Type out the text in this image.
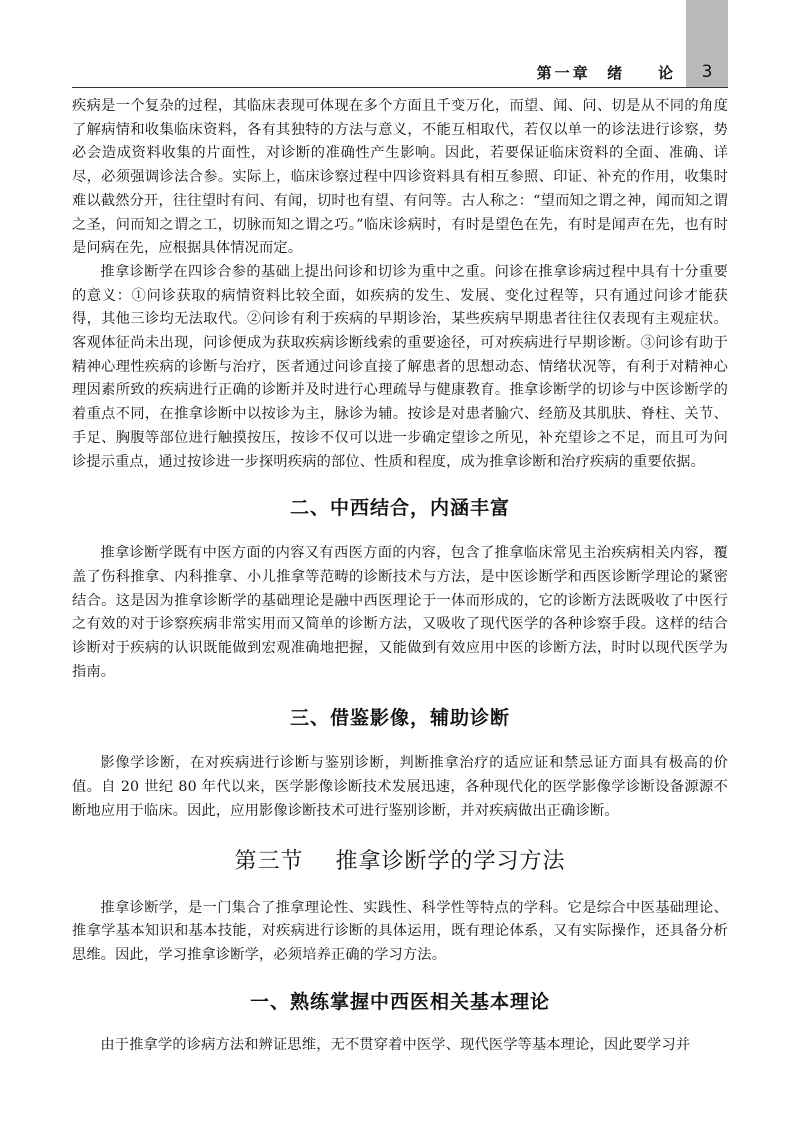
第一章  绪    论	3

疾病是一个复杂的过程，其临床表现可体现在多个方面且千变万化，而望、闻、问、切是从不同的角度了解病情和收集临床资料，各有其独特的方法与意义，不能互相取代，若仅以单一的诊法进行诊察，势必会造成资料收集的片面性，对诊断的准确性产生影响。因此，若要保证临床资料的全面、准确、详尽，必须强调诊法合参。实际上，临床诊察过程中四诊资料具有相互参照、印证、补充的作用，收集时难以截然分开，往往望时有问、有闻，切时也有望、有问等。古人称之：“望而知之谓之神，闻而知之谓之圣，问而知之谓之工，切脉而知之谓之巧。”临床诊病时，有时是望色在先，有时是闻声在先，也有时是问病在先，应根据具体情况而定。

推拿诊断学在四诊合参的基础上提出问诊和切诊为重中之重。问诊在推拿诊病过程中具有十分重要的意义：①问诊获取的病情资料比较全面，如疾病的发生、发展、变化过程等，只有通过问诊才能获得，其他三诊均无法取代。②问诊有利于疾病的早期诊治，某些疾病早期患者往往仅表现有主观症状。客观体征尚未出现，问诊便成为获取疾病诊断线索的重要途径，可对疾病进行早期诊断。③问诊有助于精神心理性疾病的诊断与治疗，医者通过问诊直接了解患者的思想动态、情绪状况等，有利于对精神心理因素所致的疾病进行正确的诊断并及时进行心理疏导与健康教育。推拿诊断学的切诊与中医诊断学的着重点不同，在推拿诊断中以按诊为主，脉诊为辅。按诊是对患者腧穴、经筋及其肌肤、脊柱、关节、手足、胸腹等部位进行触摸按压，按诊不仅可以进一步确定望诊之所见，补充望诊之不足，而且可为问诊提示重点，通过按诊进一步探明疾病的部位、性质和程度，成为推拿诊断和治疗疾病的重要依据。

二、中西结合，内涵丰富

推拿诊断学既有中医方面的内容又有西医方面的内容，包含了推拿临床常见主治疾病相关内容，覆盖了伤科推拿、内科推拿、小儿推拿等范畴的诊断技术与方法，是中医诊断学和西医诊断学理论的紧密结合。这是因为推拿诊断学的基础理论是融中西医理论于一体而形成的，它的诊断方法既吸收了中医行之有效的对于诊察疾病非常实用而又简单的诊断方法，又吸收了现代医学的各种诊察手段。这样的结合诊断对于疾病的认识既能做到宏观准确地把握，又能做到有效应用中医的诊断方法，时时以现代医学为指南。

三、借鉴影像，辅助诊断

影像学诊断，在对疾病进行诊断与鉴别诊断，判断推拿治疗的适应证和禁忌证方面具有极高的价值。自 20 世纪 80 年代以来，医学影像诊断技术发展迅速，各种现代化的医学影像学诊断设备源源不断地应用于临床。因此，应用影像诊断技术可进行鉴别诊断，并对疾病做出正确诊断。

第三节    推拿诊断学的学习方法

推拿诊断学，是一门集合了推拿理论性、实践性、科学性等特点的学科。它是综合中医基础理论、推拿学基本知识和基本技能，对疾病进行诊断的具体运用，既有理论体系，又有实际操作，还具备分析思维。因此，学习推拿诊断学，必须培养正确的学习方法。

一、熟练掌握中西医相关基本理论

由于推拿学的诊病方法和辨证思维，无不贯穿着中医学、现代医学等基本理论，因此要学习并
